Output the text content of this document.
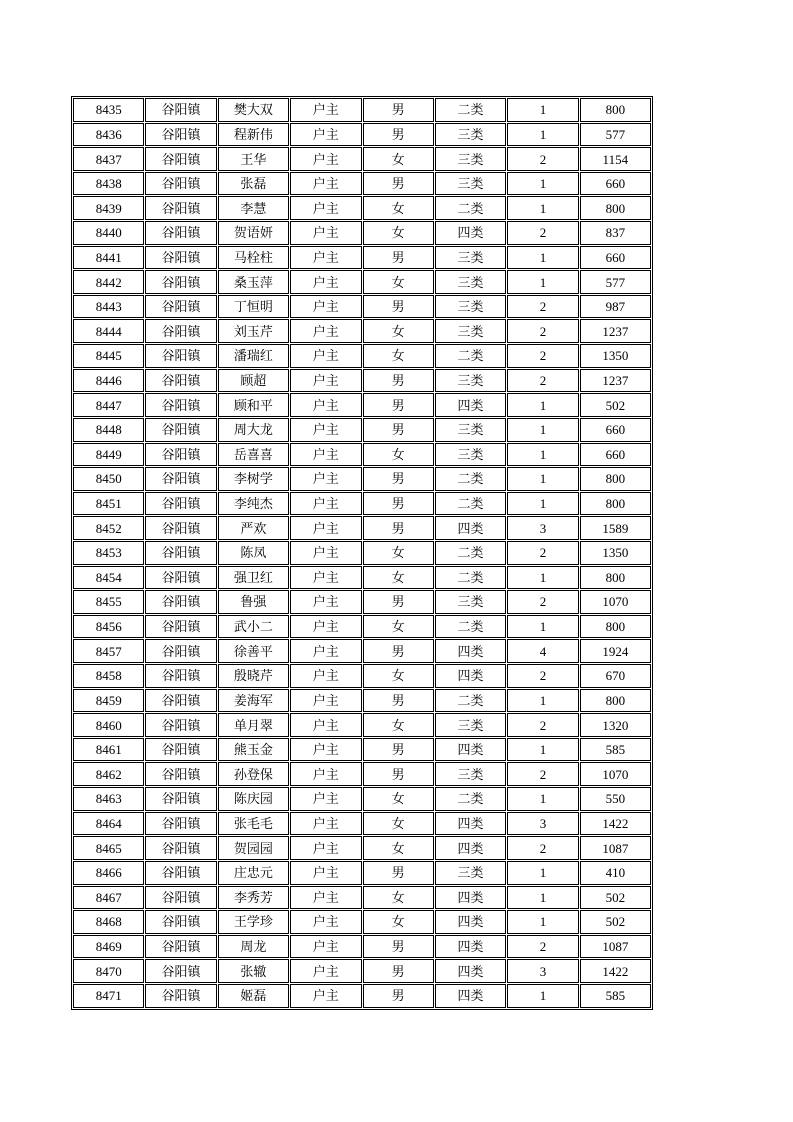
8435	谷阳镇	樊大双	户主	男	二类	1	800
8436	谷阳镇	程新伟	户主	男	三类	1	577
8437	谷阳镇	王华	户主	女	三类	2	1154
8438	谷阳镇	张磊	户主	男	三类	1	660
8439	谷阳镇	李慧	户主	女	二类	1	800
8440	谷阳镇	贺语妍	户主	女	四类	2	837
8441	谷阳镇	马栓柱	户主	男	三类	1	660
8442	谷阳镇	桑玉萍	户主	女	三类	1	577
8443	谷阳镇	丁恒明	户主	男	三类	2	987
8444	谷阳镇	刘玉芹	户主	女	三类	2	1237
8445	谷阳镇	潘瑞红	户主	女	二类	2	1350
8446	谷阳镇	顾超	户主	男	三类	2	1237
8447	谷阳镇	顾和平	户主	男	四类	1	502
8448	谷阳镇	周大龙	户主	男	三类	1	660
8449	谷阳镇	岳喜喜	户主	女	三类	1	660
8450	谷阳镇	李树学	户主	男	二类	1	800
8451	谷阳镇	李纯杰	户主	男	二类	1	800
8452	谷阳镇	严欢	户主	男	四类	3	1589
8453	谷阳镇	陈凤	户主	女	二类	2	1350
8454	谷阳镇	强卫红	户主	女	二类	1	800
8455	谷阳镇	鲁强	户主	男	三类	2	1070
8456	谷阳镇	武小二	户主	女	二类	1	800
8457	谷阳镇	徐善平	户主	男	四类	4	1924
8458	谷阳镇	殷晓芹	户主	女	四类	2	670
8459	谷阳镇	姜海军	户主	男	二类	1	800
8460	谷阳镇	单月翠	户主	女	三类	2	1320
8461	谷阳镇	熊玉金	户主	男	四类	1	585
8462	谷阳镇	孙登保	户主	男	三类	2	1070
8463	谷阳镇	陈庆园	户主	女	二类	1	550
8464	谷阳镇	张毛毛	户主	女	四类	3	1422
8465	谷阳镇	贺园园	户主	女	四类	2	1087
8466	谷阳镇	庄忠元	户主	男	三类	1	410
8467	谷阳镇	李秀芳	户主	女	四类	1	502
8468	谷阳镇	王学珍	户主	女	四类	1	502
8469	谷阳镇	周龙	户主	男	四类	2	1087
8470	谷阳镇	张辙	户主	男	四类	3	1422
8471	谷阳镇	姬磊	户主	男	四类	1	585
